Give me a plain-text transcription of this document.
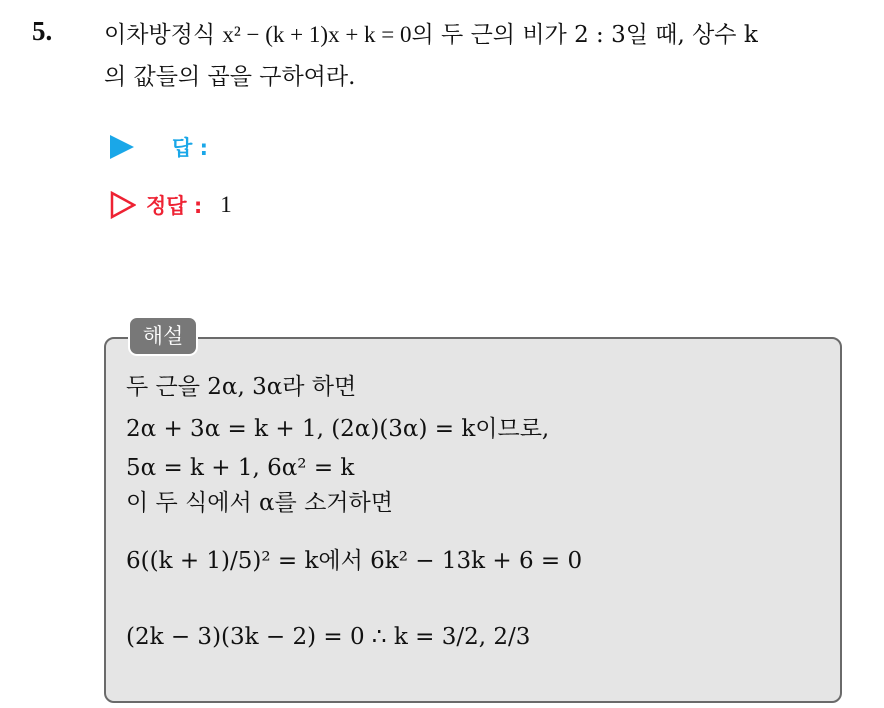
5. 이차방정식 x² − (k + 1)x + k = 0의 두 근의 비가 2 : 3일 때, 상수 k
의 값들의 곱을 구하여라.
답 :
정답 : 1
해설
두 근을 2α, 3α라 하면
2α + 3α = k + 1, (2α)(3α) = k이므로,
5α = k + 1, 6α² = k
이 두 식에서 α를 소거하면
6((k + 1)/5)² = k에서 6k² − 13k + 6 = 0
(2k − 3)(3k − 2) = 0 ∴ k = 3/2, 2/3
